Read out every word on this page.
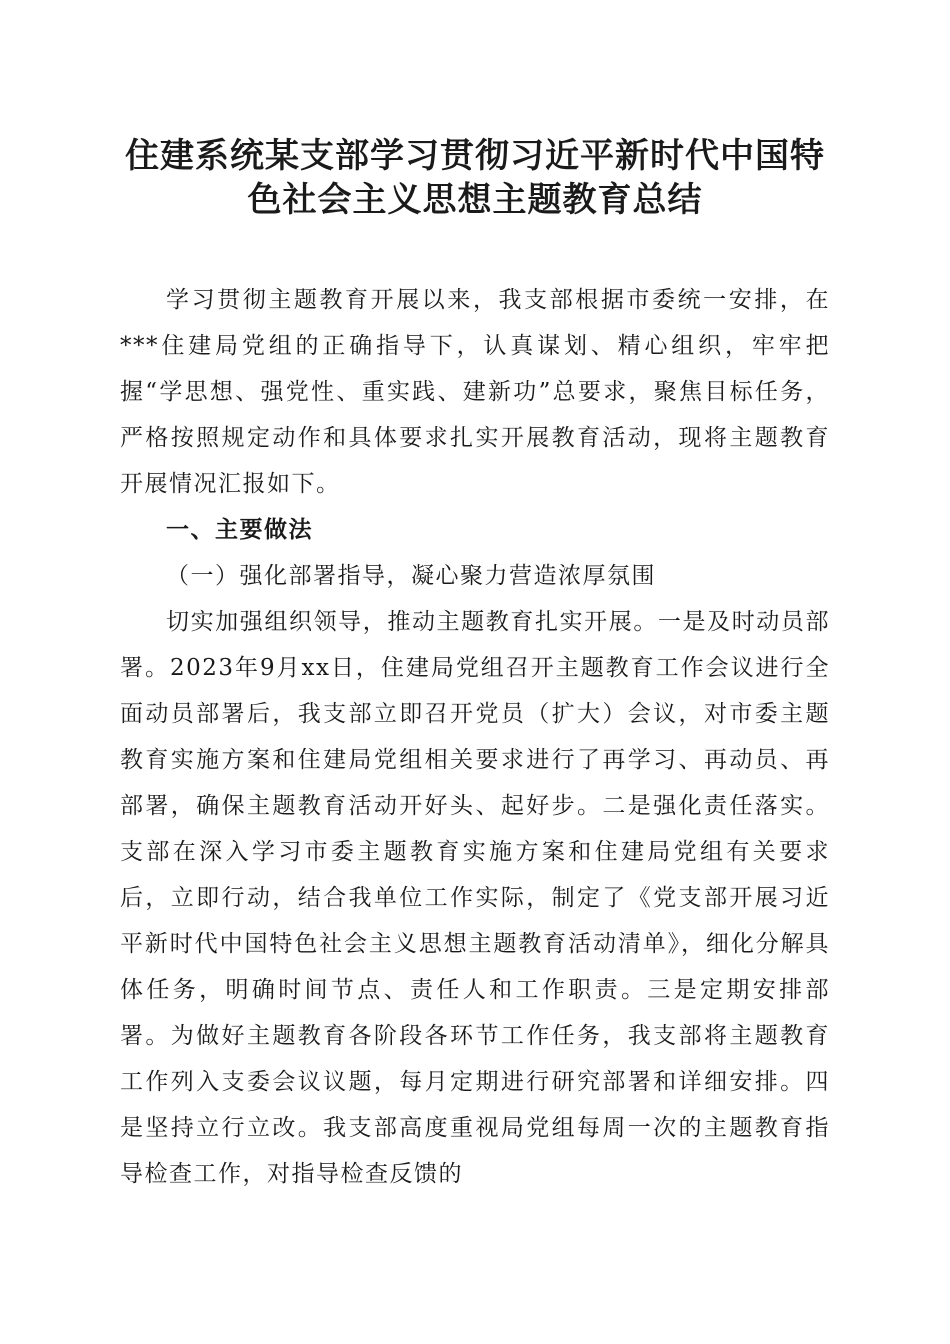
住建系统某支部学习贯彻习近平新时代中国特
色社会主义思想主题教育总结

学习贯彻主题教育开展以来，我支部根据市委统一安排，在***住建局党组的正确指导下，认真谋划、精心组织，牢牢把握“学思想、强党性、重实践、建新功”总要求，聚焦目标任务，严格按照规定动作和具体要求扎实开展教育活动，现将主题教育开展情况汇报如下。

一、主要做法

（一）强化部署指导，凝心聚力营造浓厚氛围

切实加强组织领导，推动主题教育扎实开展。一是及时动员部署。2023年9月xx日，住建局党组召开主题教育工作会议进行全面动员部署后，我支部立即召开党员（扩大）会议，对市委主题教育实施方案和住建局党组相关要求进行了再学习、再动员、再部署，确保主题教育活动开好头、起好步。二是强化责任落实。支部在深入学习市委主题教育实施方案和住建局党组有关要求后，立即行动，结合我单位工作实际，制定了《党支部开展习近平新时代中国特色社会主义思想主题教育活动清单》，细化分解具体任务，明确时间节点、责任人和工作职责。三是定期安排部署。为做好主题教育各阶段各环节工作任务，我支部将主题教育工作列入支委会议议题，每月定期进行研究部署和详细安排。四是坚持立行立改。我支部高度重视局党组每周一次的主题教育指导检查工作，对指导检查反馈的
